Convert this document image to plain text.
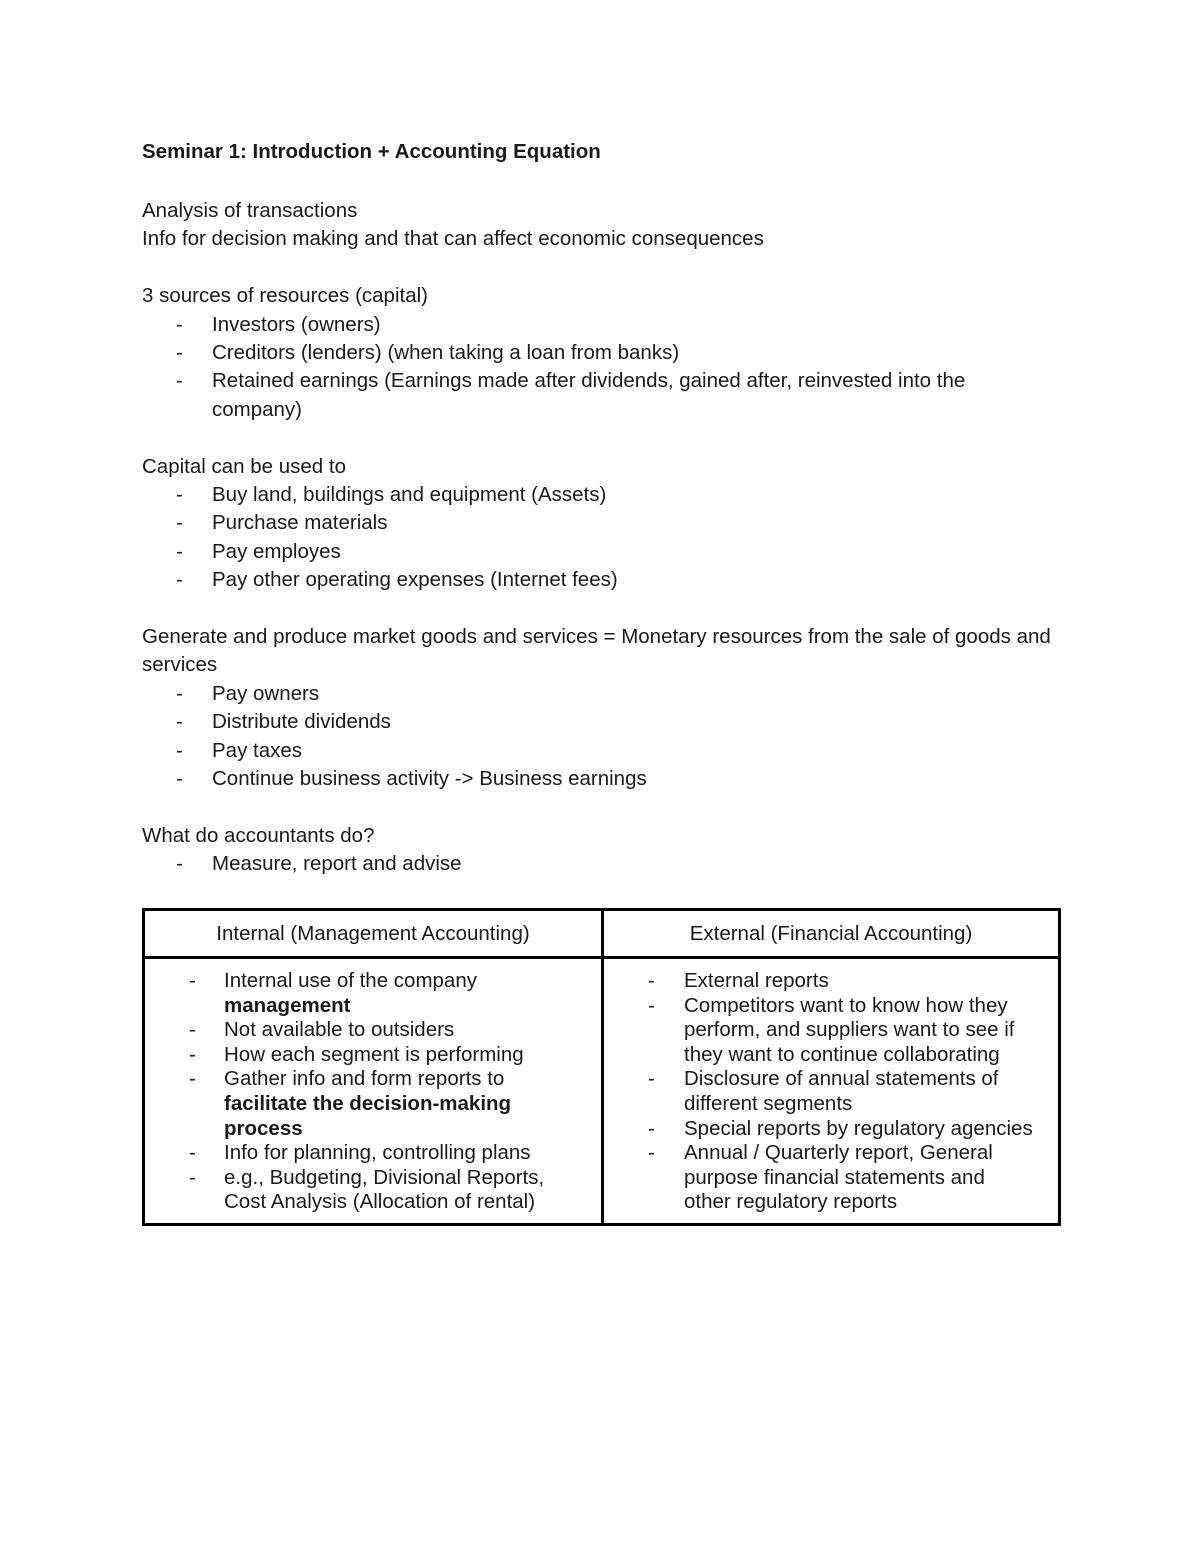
Seminar 1: Introduction + Accounting Equation

Analysis of transactions

Info for decision making and that can affect economic consequences

3 sources of resources (capital)

- Investors (owners)
- Creditors (lenders) (when taking a loan from banks)
- Retained earnings (Earnings made after dividends, gained after, reinvested into the company)

Capital can be used to

- Buy land, buildings and equipment (Assets)
- Purchase materials
- Pay employes
- Pay other operating expenses (Internet fees)

Generate and produce market goods and services = Monetary resources from the sale of goods and services

- Pay owners
- Distribute dividends
- Pay taxes
- Continue business activity -> Business earnings

What do accountants do?

- Measure, report and advise
Internal (Management Accounting)	External (Financial Accounting)
- Internal use of the company management
- Not available to outsiders
- How each segment is performing
- Gather info and form reports to facilitate the decision-making process
- Info for planning, controlling plans
- e.g., Budgeting, Divisional Reports, Cost Analysis (Allocation of rental)
- External reports
- Competitors want to know how they perform, and suppliers want to see if they want to continue collaborating
- Disclosure of annual statements of different segments
- Special reports by regulatory agencies
- Annual / Quarterly report, General purpose financial statements and other regulatory reports
